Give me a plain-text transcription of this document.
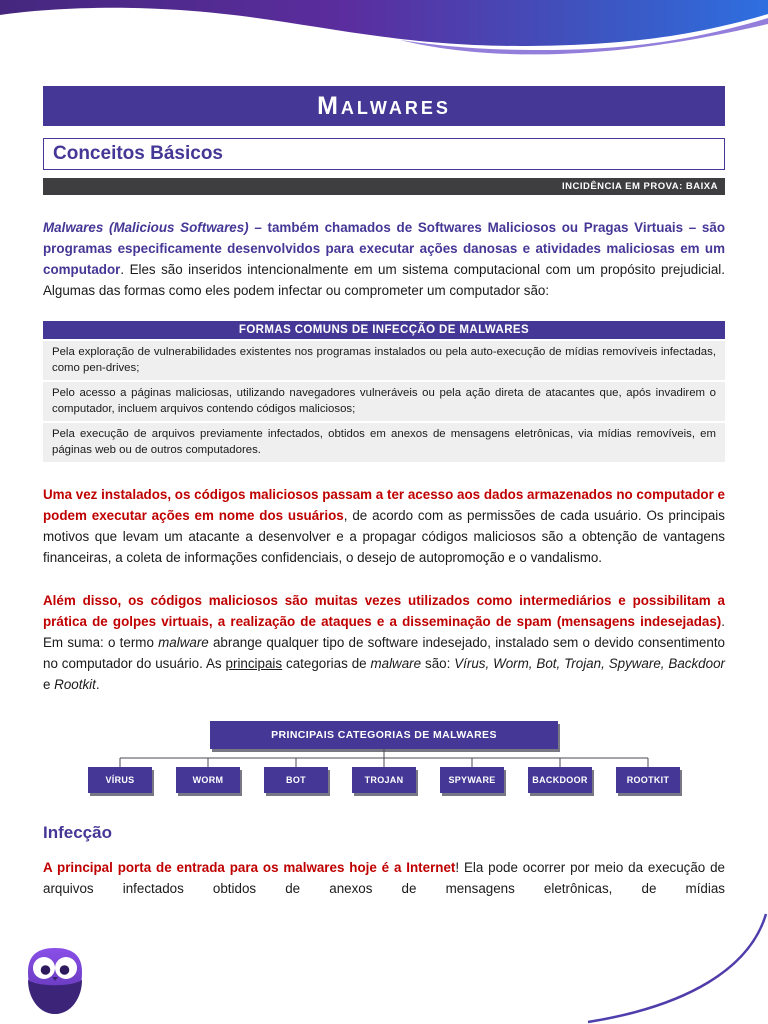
Malwares
Conceitos Básicos
INCIDÊNCIA EM PROVA: BAIXA

Malwares (Malicious Softwares) – também chamados de Softwares Maliciosos ou Pragas Virtuais – são programas especificamente desenvolvidos para executar ações danosas e atividades maliciosas em um computador. Eles são inseridos intencionalmente em um sistema computacional com um propósito prejudicial. Algumas das formas como eles podem infectar ou comprometer um computador são:

FORMAS COMUNS DE INFECÇÃO DE MALWARES
Pela exploração de vulnerabilidades existentes nos programas instalados ou pela auto-execução de mídias removíveis infectadas, como pen-drives;
Pelo acesso a páginas maliciosas, utilizando navegadores vulneráveis ou pela ação direta de atacantes que, após invadirem o computador, incluem arquivos contendo códigos maliciosos;
Pela execução de arquivos previamente infectados, obtidos em anexos de mensagens eletrônicas, via mídias removíveis, em páginas web ou de outros computadores.

Uma vez instalados, os códigos maliciosos passam a ter acesso aos dados armazenados no computador e podem executar ações em nome dos usuários, de acordo com as permissões de cada usuário. Os principais motivos que levam um atacante a desenvolver e a propagar códigos maliciosos são a obtenção de vantagens financeiras, a coleta de informações confidenciais, o desejo de autopromoção e o vandalismo.

Além disso, os códigos maliciosos são muitas vezes utilizados como intermediários e possibilitam a prática de golpes virtuais, a realização de ataques e a disseminação de spam (mensagens indesejadas). Em suma: o termo malware abrange qualquer tipo de software indesejado, instalado sem o devido consentimento no computador do usuário. As principais categorias de malware são: Vírus, Worm, Bot, Trojan, Spyware, Backdoor e Rootkit.

PRINCIPAIS CATEGORIAS DE MALWARES
VÍRUS	WORM	BOT	TROJAN	SPYWARE	BACKDOOR	ROOTKIT
Infecção

A principal porta de entrada para os malwares hoje é a Internet! Ela pode ocorrer por meio da execução de arquivos infectados obtidos de anexos de mensagens eletrônicas, de mídias
